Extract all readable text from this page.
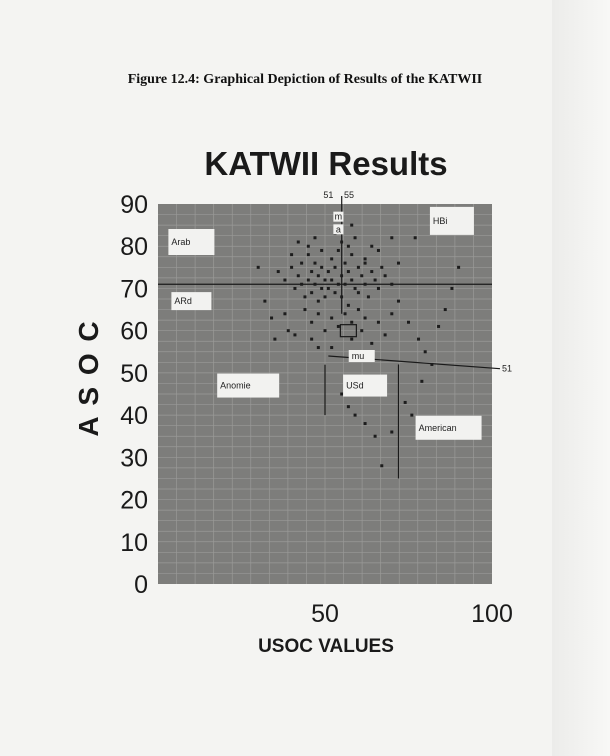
Figure 12.4: Graphical Depiction of Results of the KATWII
KATWII Results
51 55
51
Arab
ARd
HBi
mu
Anomie	USd
American
m
a
0
10
20
30
40
50
60
70
80
90
50	100
USOC VALUES
A S O C
